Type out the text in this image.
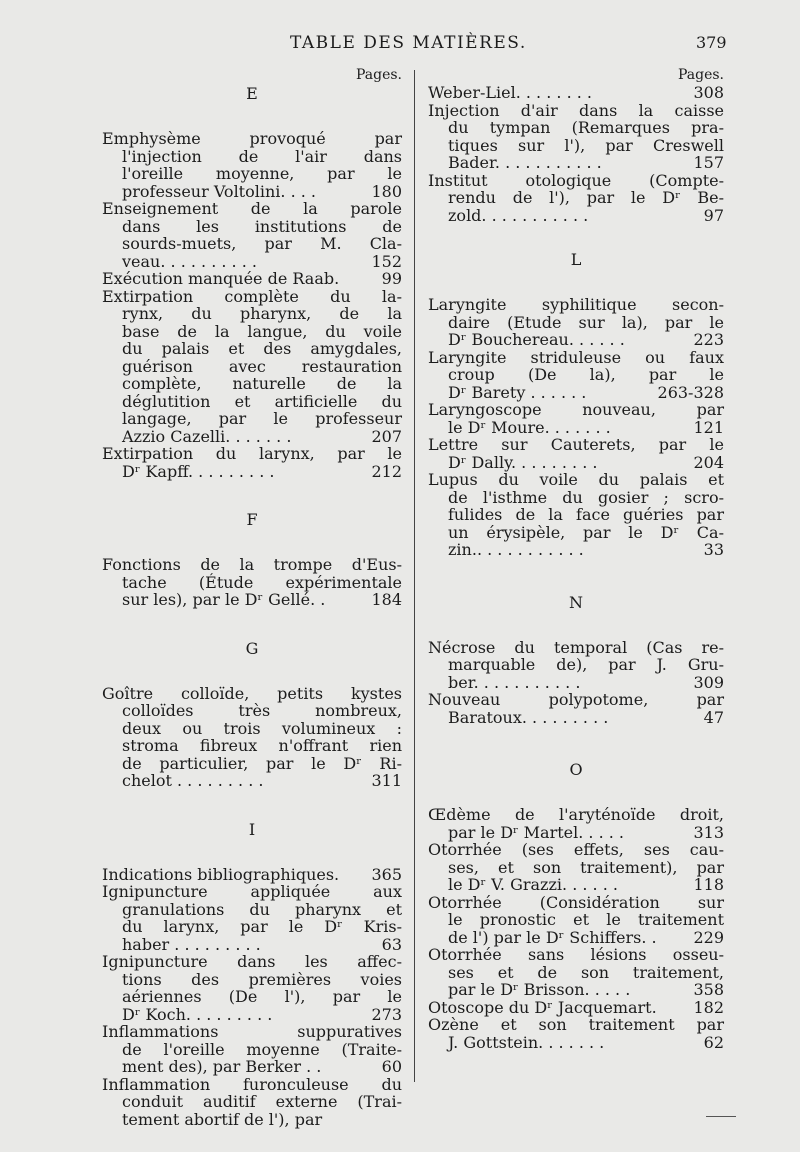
TABLE DES MATIÈRES.	379
Pages.
E
Emphysème provoqué par
l'injection de l'air dans
l'oreille moyenne, par le
professeur Voltolini. . . .	180
Enseignement de la parole
dans les institutions de
sourds-muets, par M. Cla-
veau. . . . . . . . . .	152
Exécution manquée de Raab.	99
Extirpation complète du la-
rynx, du pharynx, de la
base de la langue, du voile
du palais et des amygdales,
guérison avec restauration
complète, naturelle de la
déglutition et artificielle du
langage, par le professeur
Azzio Cazelli. . . . . . .	207
Extirpation du larynx, par le
Dʳ Kapff. . . . . . . . .	212
F
Fonctions de la trompe d'Eus-
tache (Étude expérimentale
sur les), par le Dʳ Gellé. .	184
G
Goître colloïde, petits kystes
colloïdes très nombreux,
deux ou trois volumineux :
stroma fibreux n'offrant rien
de particulier, par le Dʳ Ri-
chelot . . . . . . . . .	311
I
Indications bibliographiques.	365
Ignipuncture appliquée aux
granulations du pharynx et
du larynx, par le Dʳ Kris-
haber . . . . . . . . .	63
Ignipuncture dans les affec-
tions des premières voies
aériennes (De l'), par le
Dʳ Koch. . . . . . . . .	273
Inflammations suppuratives
de l'oreille moyenne (Traite-
ment des), par Berker . .	60
Inflammation furonculeuse du
conduit auditif externe (Trai-
tement abortif de l'), par
Pages.
Weber-Liel. . . . . . . .	308
Injection d'air dans la caisse
du tympan (Remarques pra-
tiques sur l'), par Creswell
Bader. . . . . . . . . . .	157
Institut otologique (Compte-
rendu de l'), par le Dʳ Be-
zold. . . . . . . . . . .	97
L
Laryngite syphilitique secon-
daire (Etude sur la), par le
Dʳ Bouchereau. . . . . .	223
Laryngite striduleuse ou faux
croup (De la), par le
Dʳ Barety . . . . . .	263-328
Laryngoscope nouveau, par
le Dʳ Moure. . . . . . .	121
Lettre sur Cauterets, par le
Dʳ Dally. . . . . . . . .	204
Lupus du voile du palais et
de l'isthme du gosier ; scro-
fulides de la face guéries par
un érysipèle, par le Dʳ Ca-
zin.. . . . . . . . . . .	33
N
Nécrose du temporal (Cas re-
marquable de), par J. Gru-
ber. . . . . . . . . . .	309
Nouveau polypotome, par
Baratoux. . . . . . . . .	47
O
Œdème de l'aryténoïde droit,
par le Dʳ Martel. . . . .	313
Otorrhée (ses effets, ses cau-
ses, et son traitement), par
le Dʳ V. Grazzi. . . . . .	118
Otorrhée (Considération sur
le pronostic et le traitement
de l') par le Dʳ Schiffers. .	229
Otorrhée sans lésions osseu-
ses et de son traitement,
par le Dʳ Brisson. . . . .	358
Otoscope du Dʳ Jacquemart.	182
Ozène et son traitement par
J. Gottstein. . . . . . .	62
